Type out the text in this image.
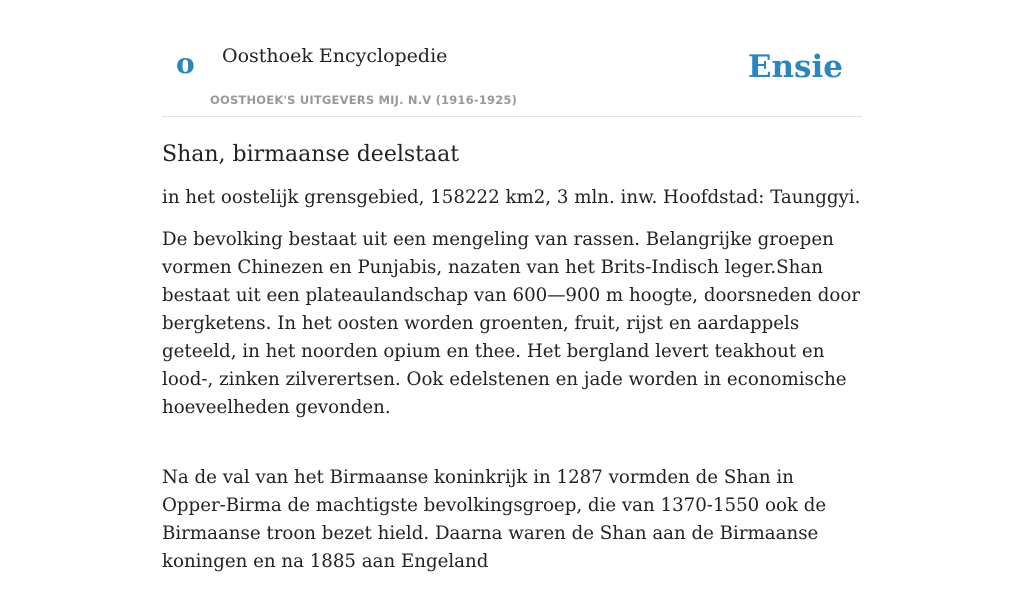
o Oosthoek Encyclopedie
OOSTHOEK'S UITGEVERS MIJ. N.V (1916-1925)
Ensie
Shan, birmaanse deelstaat

in het oostelijk grensgebied, 158222 km2, 3 mln. inw. Hoofdstad: Taunggyi.

De bevolking bestaat uit een mengeling van rassen. Belangrijke groepen vormen Chinezen en Punjabis, nazaten van het Brits-Indisch leger.Shan bestaat uit een plateaulandschap van 600—900 m hoogte, doorsneden door bergketens. In het oosten worden groenten, fruit, rijst en aardappels geteeld, in het noorden opium en thee. Het bergland levert teakhout en lood-, zinken zilverertsen. Ook edelstenen en jade worden in economische hoeveelheden gevonden.

Na de val van het Birmaanse koninkrijk in 1287 vormden de Shan in Opper-Birma de machtigste bevolkingsgroep, die van 1370-1550 ook de Birmaanse troon bezet hield. Daarna waren de Shan aan de Birmaanse koningen en na 1885 aan Engeland
